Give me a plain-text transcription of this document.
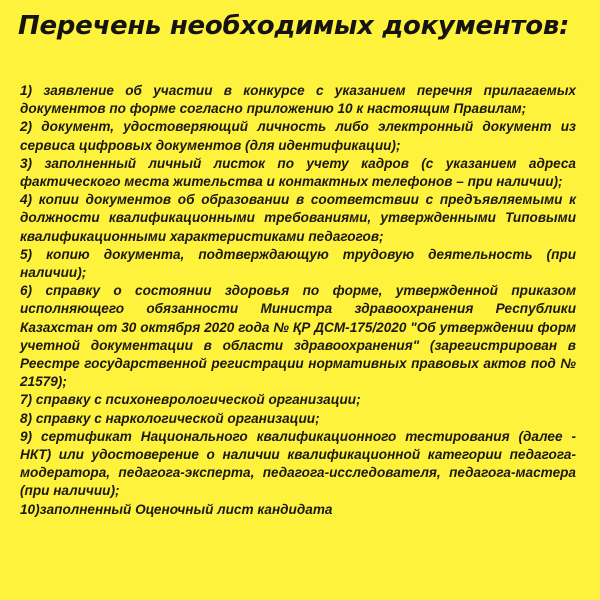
Перечень необходимых документов:

1) заявление об участии в конкурсе с указанием перечня прилагаемых документов по форме согласно приложению 10 к настоящим Правилам;

2) документ, удостоверяющий личность либо электронный документ из сервиса цифровых документов (для идентификации);

3) заполненный личный листок по учету кадров (с указанием адреса фактического места жительства и контактных телефонов – при наличии);

4) копии документов об образовании в соответствии с предъявляемыми к должности квалификационными требованиями, утвержденными Типовыми квалификационными характеристиками педагогов;

5) копию документа, подтверждающую трудовую деятельность (при наличии);

6) справку о состоянии здоровья по форме, утвержденной приказом исполняющего обязанности Министра здравоохранения Республики Казахстан от 30 октября 2020 года № ҚР ДСМ-175/2020 "Об утверждении форм учетной документации в области здравоохранения" (зарегистрирован в Реестре государственной регистрации нормативных правовых актов под № 21579);

7) справку с психоневрологической организации;

8) справку с наркологической организации;

9) сертификат Национального квалификационного тестирования (далее - НКТ) или удостоверение о наличии квалификационной категории педагога-модератора, педагога-эксперта, педагога-исследователя, педагога-мастера (при наличии);

10)заполненный Оценочный лист кандидата
